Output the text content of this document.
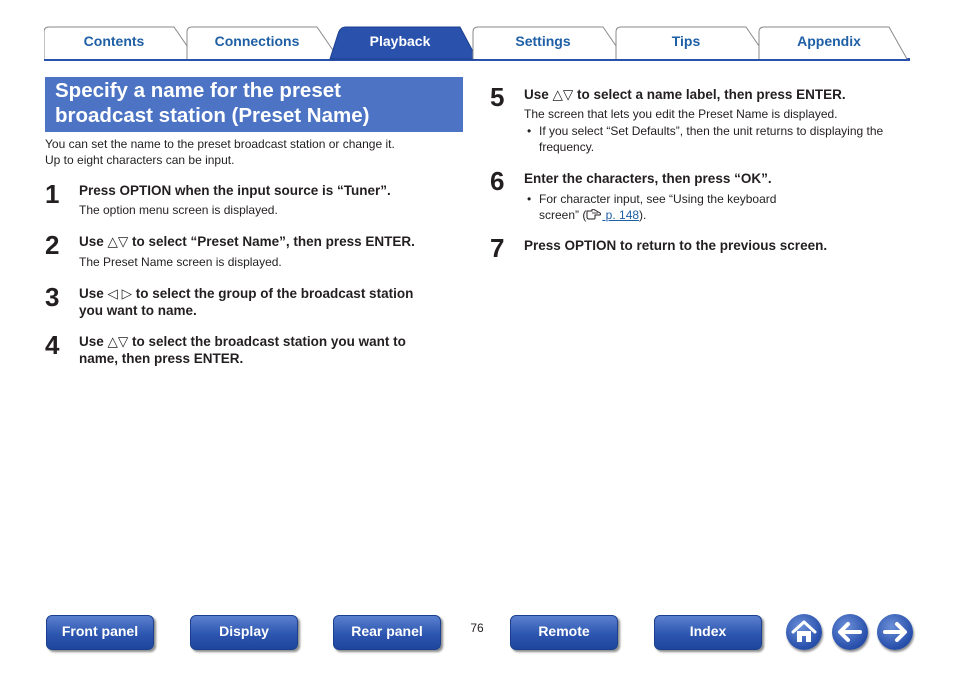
Contents	Connections	Playback	Settings	Tips	Appendix
Specify a name for the preset
broadcast station (Preset Name)

You can set the name to the preset broadcast station or change it.

Up to eight characters can be input.

1 Press OPTION when the input source is “Tuner”.
The option menu screen is displayed.
2 Use △▽ to select “Preset Name”, then press ENTER.
The Preset Name screen is displayed.
3 Use ◁ ▷ to select the group of the broadcast station
you want to name.
4 Use △▽ to select the broadcast station you want to
name, then press ENTER.
5 Use △▽ to select a name label, then press ENTER.
The screen that lets you edit the Preset Name is displayed.
• If you select “Set Defaults”, then the unit returns to displaying the
frequency.
6 Enter the characters, then press “OK”.
• For character input, see “Using the keyboard
screen” ( p. 148).
7 Press OPTION to return to the previous screen.
Front panel	Display	Rear panel	76	Remote	Index
